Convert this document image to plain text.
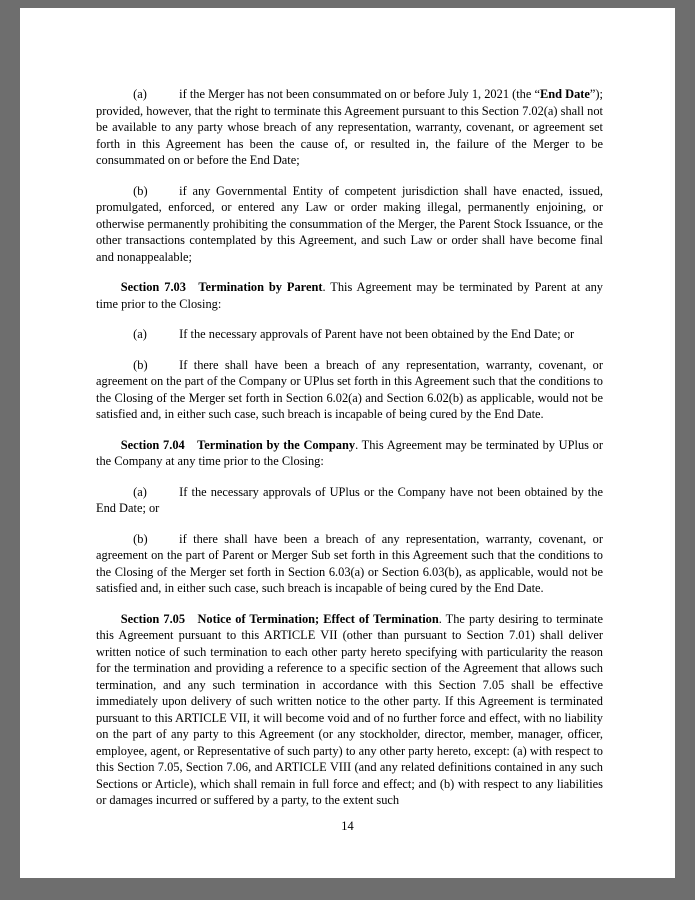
   (a)	if the Merger has not been consummated on or before July 1, 2021 (the “End Date”); provided, however, that the right to terminate this Agreement pursuant to this Section 7.02(a) shall not be available to any party whose breach of any representation, warranty, covenant, or agreement set forth in this Agreement has been the cause of, or resulted in, the failure of the Merger to be consummated on or before the End Date;
   (b)	if any Governmental Entity of competent jurisdiction shall have enacted, issued, promulgated, enforced, or entered any Law or order making illegal, permanently enjoining, or otherwise permanently prohibiting the consummation of the Merger, the Parent Stock Issuance, or the other transactions contemplated by this Agreement, and such Law or order shall have become final and nonappealable;
  Section 7.03  Termination by Parent. This Agreement may be terminated by Parent at any time prior to the Closing:
   (a)	If the necessary approvals of Parent have not been obtained by the End Date; or
   (b)	If there shall have been a breach of any representation, warranty, covenant, or agreement on the part of the Company or UPlus set forth in this Agreement such that the conditions to the Closing of the Merger set forth in Section 6.02(a) and Section 6.02(b) as applicable, would not be satisfied and, in either such case, such breach is incapable of being cured by the End Date.
  Section 7.04  Termination by the Company. This Agreement may be terminated by UPlus or the Company at any time prior to the Closing:
   (a)	If the necessary approvals of UPlus or the Company have not been obtained by the End Date; or
   (b)	if there shall have been a breach of any representation, warranty, covenant, or agreement on the part of Parent or Merger Sub set forth in this Agreement such that the conditions to the Closing of the Merger set forth in Section 6.03(a) or Section 6.03(b), as applicable, would not be satisfied and, in either such case, such breach is incapable of being cured by the End Date.
  Section 7.05  Notice of Termination; Effect of Termination. The party desiring to terminate this Agreement pursuant to this ARTICLE VII (other than pursuant to Section 7.01) shall deliver written notice of such termination to each other party hereto specifying with particularity the reason for the termination and providing a reference to a specific section of the Agreement that allows such termination, and any such termination in accordance with this Section 7.05 shall be effective immediately upon delivery of such written notice to the other party. If this Agreement is terminated pursuant to this ARTICLE VII, it will become void and of no further force and effect, with no liability on the part of any party to this Agreement (or any stockholder, director, member, manager, officer, employee, agent, or Representative of such party) to any other party hereto, except: (a) with respect to this Section 7.05, Section 7.06, and ARTICLE VIII (and any related definitions contained in any such Sections or Article), which shall remain in full force and effect; and (b) with respect to any liabilities or damages incurred or suffered by a party, to the extent such
14
